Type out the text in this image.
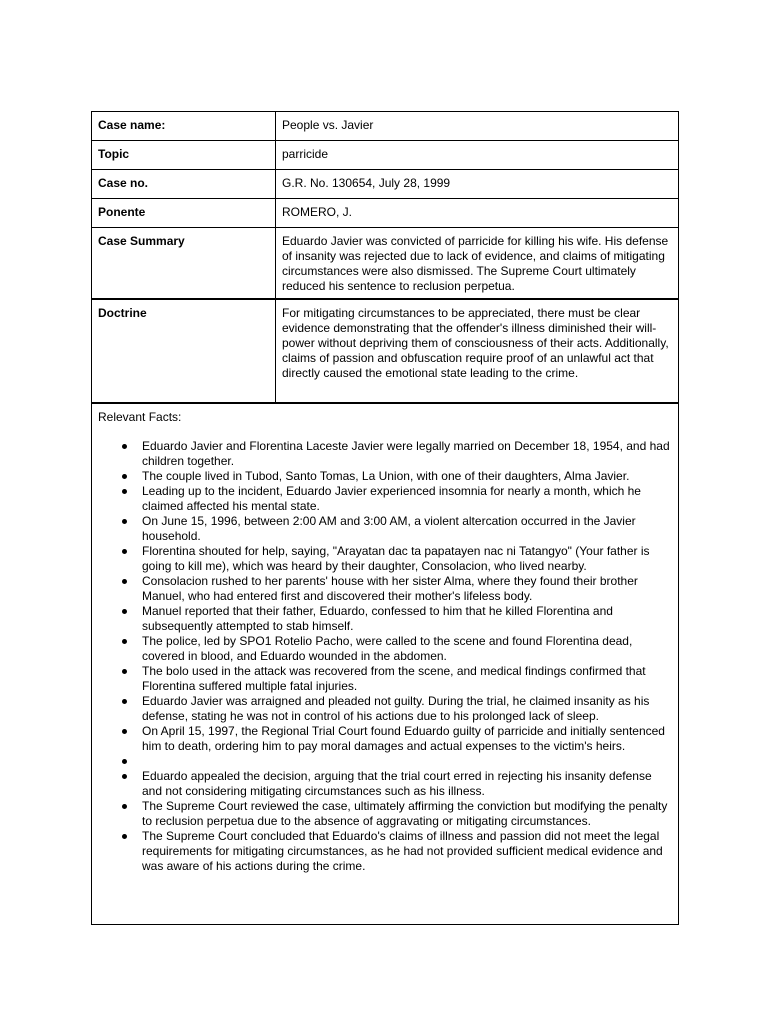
Case name:	People vs. Javier
Topic	parricide
Case no.	G.R. No. 130654, July 28, 1999
Ponente	ROMERO, J.
Case Summary	Eduardo Javier was convicted of parricide for killing his wife. His defense of insanity was rejected due to lack of evidence, and claims of mitigating circumstances were also dismissed. The Supreme Court ultimately reduced his sentence to reclusion perpetua.
Doctrine	For mitigating circumstances to be appreciated, there must be clear evidence demonstrating that the offender's illness diminished their will-power without depriving them of consciousness of their acts. Additionally, claims of passion and obfuscation require proof of an unlawful act that directly caused the emotional state leading to the crime.
Relevant Facts:
Eduardo Javier and Florentina Laceste Javier were legally married on December 18, 1954, and had children together.
The couple lived in Tubod, Santo Tomas, La Union, with one of their daughters, Alma Javier.
Leading up to the incident, Eduardo Javier experienced insomnia for nearly a month, which he claimed affected his mental state.
On June 15, 1996, between 2:00 AM and 3:00 AM, a violent altercation occurred in the Javier household.
Florentina shouted for help, saying, "Arayatan dac ta papatayen nac ni Tatangyo" (Your father is going to kill me), which was heard by their daughter, Consolacion, who lived nearby.
Consolacion rushed to her parents' house with her sister Alma, where they found their brother Manuel, who had entered first and discovered their mother's lifeless body.
Manuel reported that their father, Eduardo, confessed to him that he killed Florentina and subsequently attempted to stab himself.
The police, led by SPO1 Rotelio Pacho, were called to the scene and found Florentina dead, covered in blood, and Eduardo wounded in the abdomen.
The bolo used in the attack was recovered from the scene, and medical findings confirmed that Florentina suffered multiple fatal injuries.
Eduardo Javier was arraigned and pleaded not guilty. During the trial, he claimed insanity as his defense, stating he was not in control of his actions due to his prolonged lack of sleep.
On April 15, 1997, the Regional Trial Court found Eduardo guilty of parricide and initially sentenced him to death, ordering him to pay moral damages and actual expenses to the victim's heirs.
Eduardo appealed the decision, arguing that the trial court erred in rejecting his insanity defense and not considering mitigating circumstances such as his illness.
The Supreme Court reviewed the case, ultimately affirming the conviction but modifying the penalty to reclusion perpetua due to the absence of aggravating or mitigating circumstances.
The Supreme Court concluded that Eduardo's claims of illness and passion did not meet the legal requirements for mitigating circumstances, as he had not provided sufficient medical evidence and was aware of his actions during the crime.
